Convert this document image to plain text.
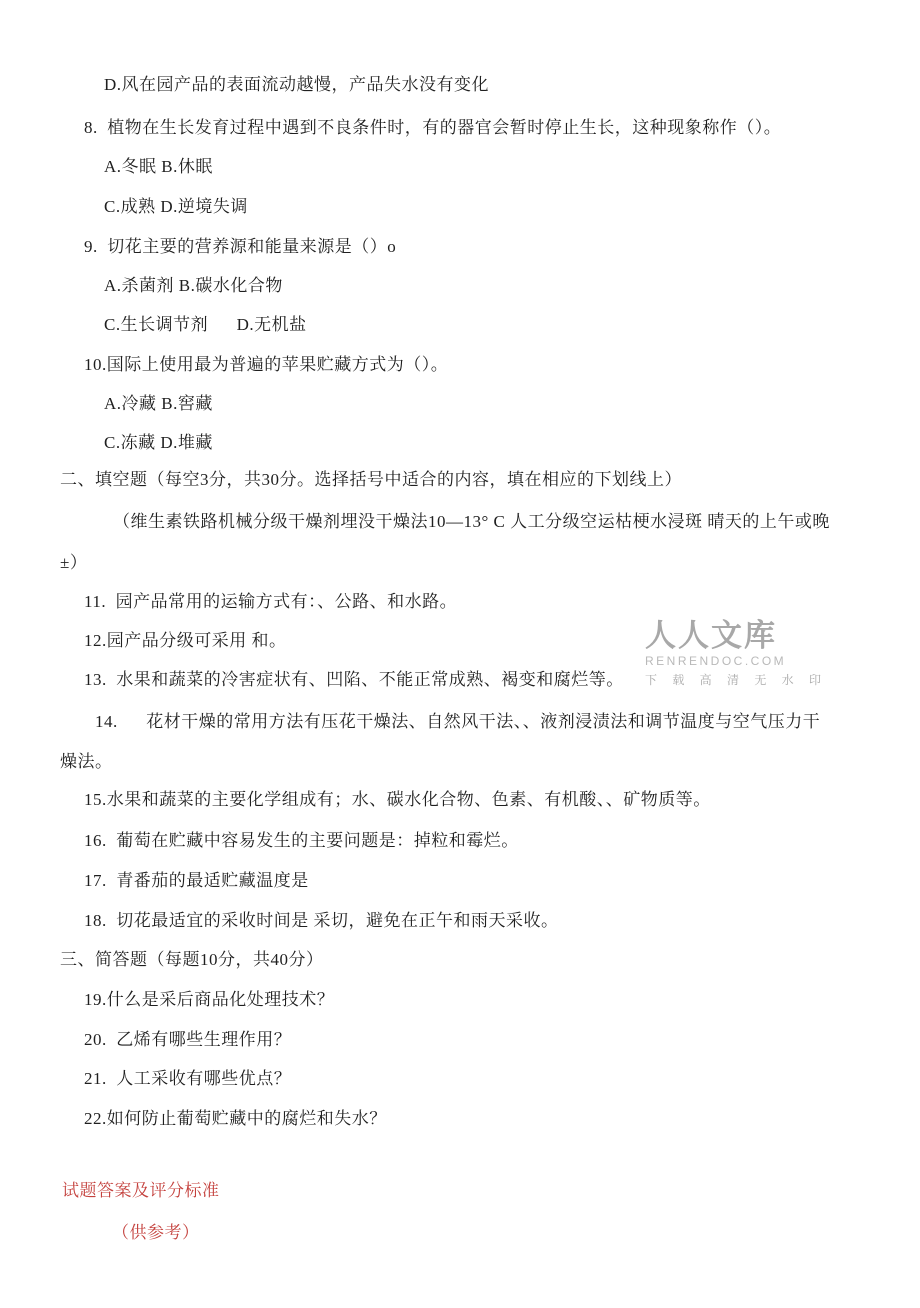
D.风在园产品的表面流动越慢，产品失水没有变化
8.  植物在生长发育过程中遇到不良条件时，有的器官会暂时停止生长，这种现象称作（）。
A.冬眠 B.休眠
C.成熟 D.逆境失调
9.  切花主要的营养源和能量来源是（）o
A.杀菌剂 B.碳水化合物
C.生长调节剂      D.无机盐
10.国际上使用最为普遍的苹果贮藏方式为（）。
A.冷藏 B.窖藏
C.冻藏 D.堆藏
二、填空题（每空3分，共30分。选择括号中适合的内容，填在相应的下划线上）
（维生素铁路机械分级干燥剂埋没干燥法10—13° C 人工分级空运枯梗水浸斑 晴天的上午或晚
±）
11.  园产品常用的运输方式有：、公路、和水路。
12.园产品分级可采用 和。
13.  水果和蔬菜的冷害症状有、凹陷、不能正常成熟、褐变和腐烂等。
14.      花材干燥的常用方法有压花干燥法、自然风干法、、液剂浸渍法和调节温度与空气压力干
燥法。
15.水果和蔬菜的主要化学组成有；水、碳水化合物、色素、有机酸、、矿物质等。
16.  葡萄在贮藏中容易发生的主要问题是：掉粒和霉烂。
17.  青番茄的最适贮藏温度是
18.  切花最适宜的采收时间是 采切，避免在正午和雨天采收。
三、简答题（每题10分，共40分）
19.什么是采后商品化处理技术？
20.  乙烯有哪些生理作用？
21.  人工采收有哪些优点？
22.如何防止葡萄贮藏中的腐烂和失水？
试题答案及评分标准
（供参考）
人人文库
RENRENDOC.COM
下 载 高 清 无 水 印
